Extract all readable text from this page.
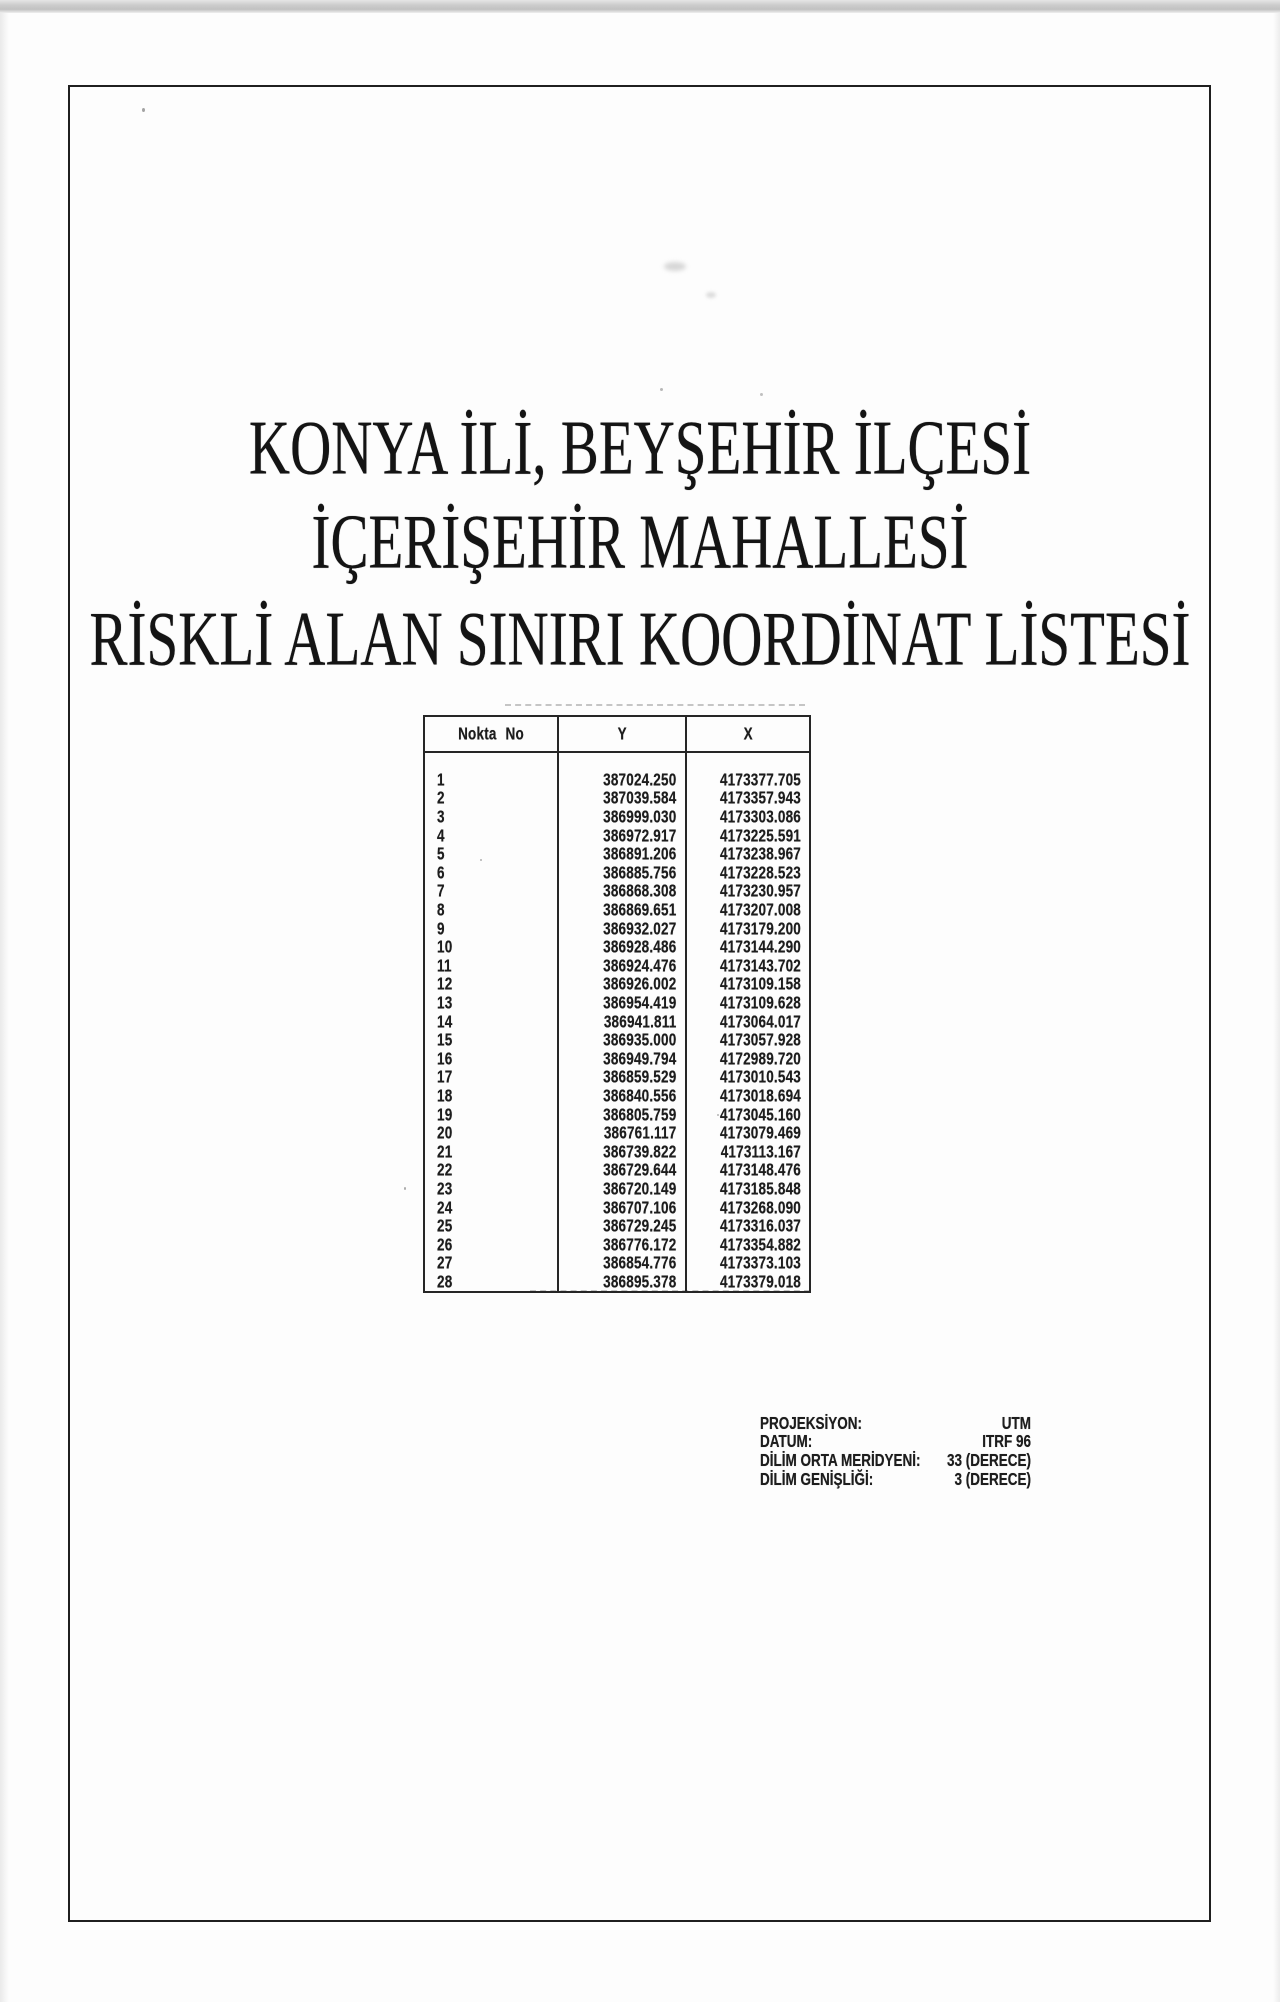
KONYA İLİ, BEYŞEHİR İLÇESİ
İÇERİŞEHİR MAHALLESİ
RİSKLİ ALAN SINIRI KOORDİNAT LİSTESİ
Nokta No	Y	X

1	387024.250	4173377.705
2	387039.584	4173357.943
3	386999.030	4173303.086
4	386972.917	4173225.591
5	386891.206	4173238.967
6	386885.756	4173228.523
7	386868.308	4173230.957
8	386869.651	4173207.008
9	386932.027	4173179.200
10	386928.486	4173144.290
11	386924.476	4173143.702
12	386926.002	4173109.158
13	386954.419	4173109.628
14	386941.811	4173064.017
15	386935.000	4173057.928
16	386949.794	4172989.720
17	386859.529	4173010.543
18	386840.556	4173018.694
19	386805.759	4173045.160
20	386761.117	4173079.469
21	386739.822	4173113.167
22	386729.644	4173148.476
23	386720.149	4173185.848
24	386707.106	4173268.090
25	386729.245	4173316.037
26	386776.172	4173354.882
27	386854.776	4173373.103
28	386895.378	4173379.018
PROJEKSİYON:	UTM
DATUM:	ITRF 96
DİLİM ORTA MERİDYENİ: 33 (DERECE)
DİLİM GENİŞLİĞİ:	3 (DERECE)
